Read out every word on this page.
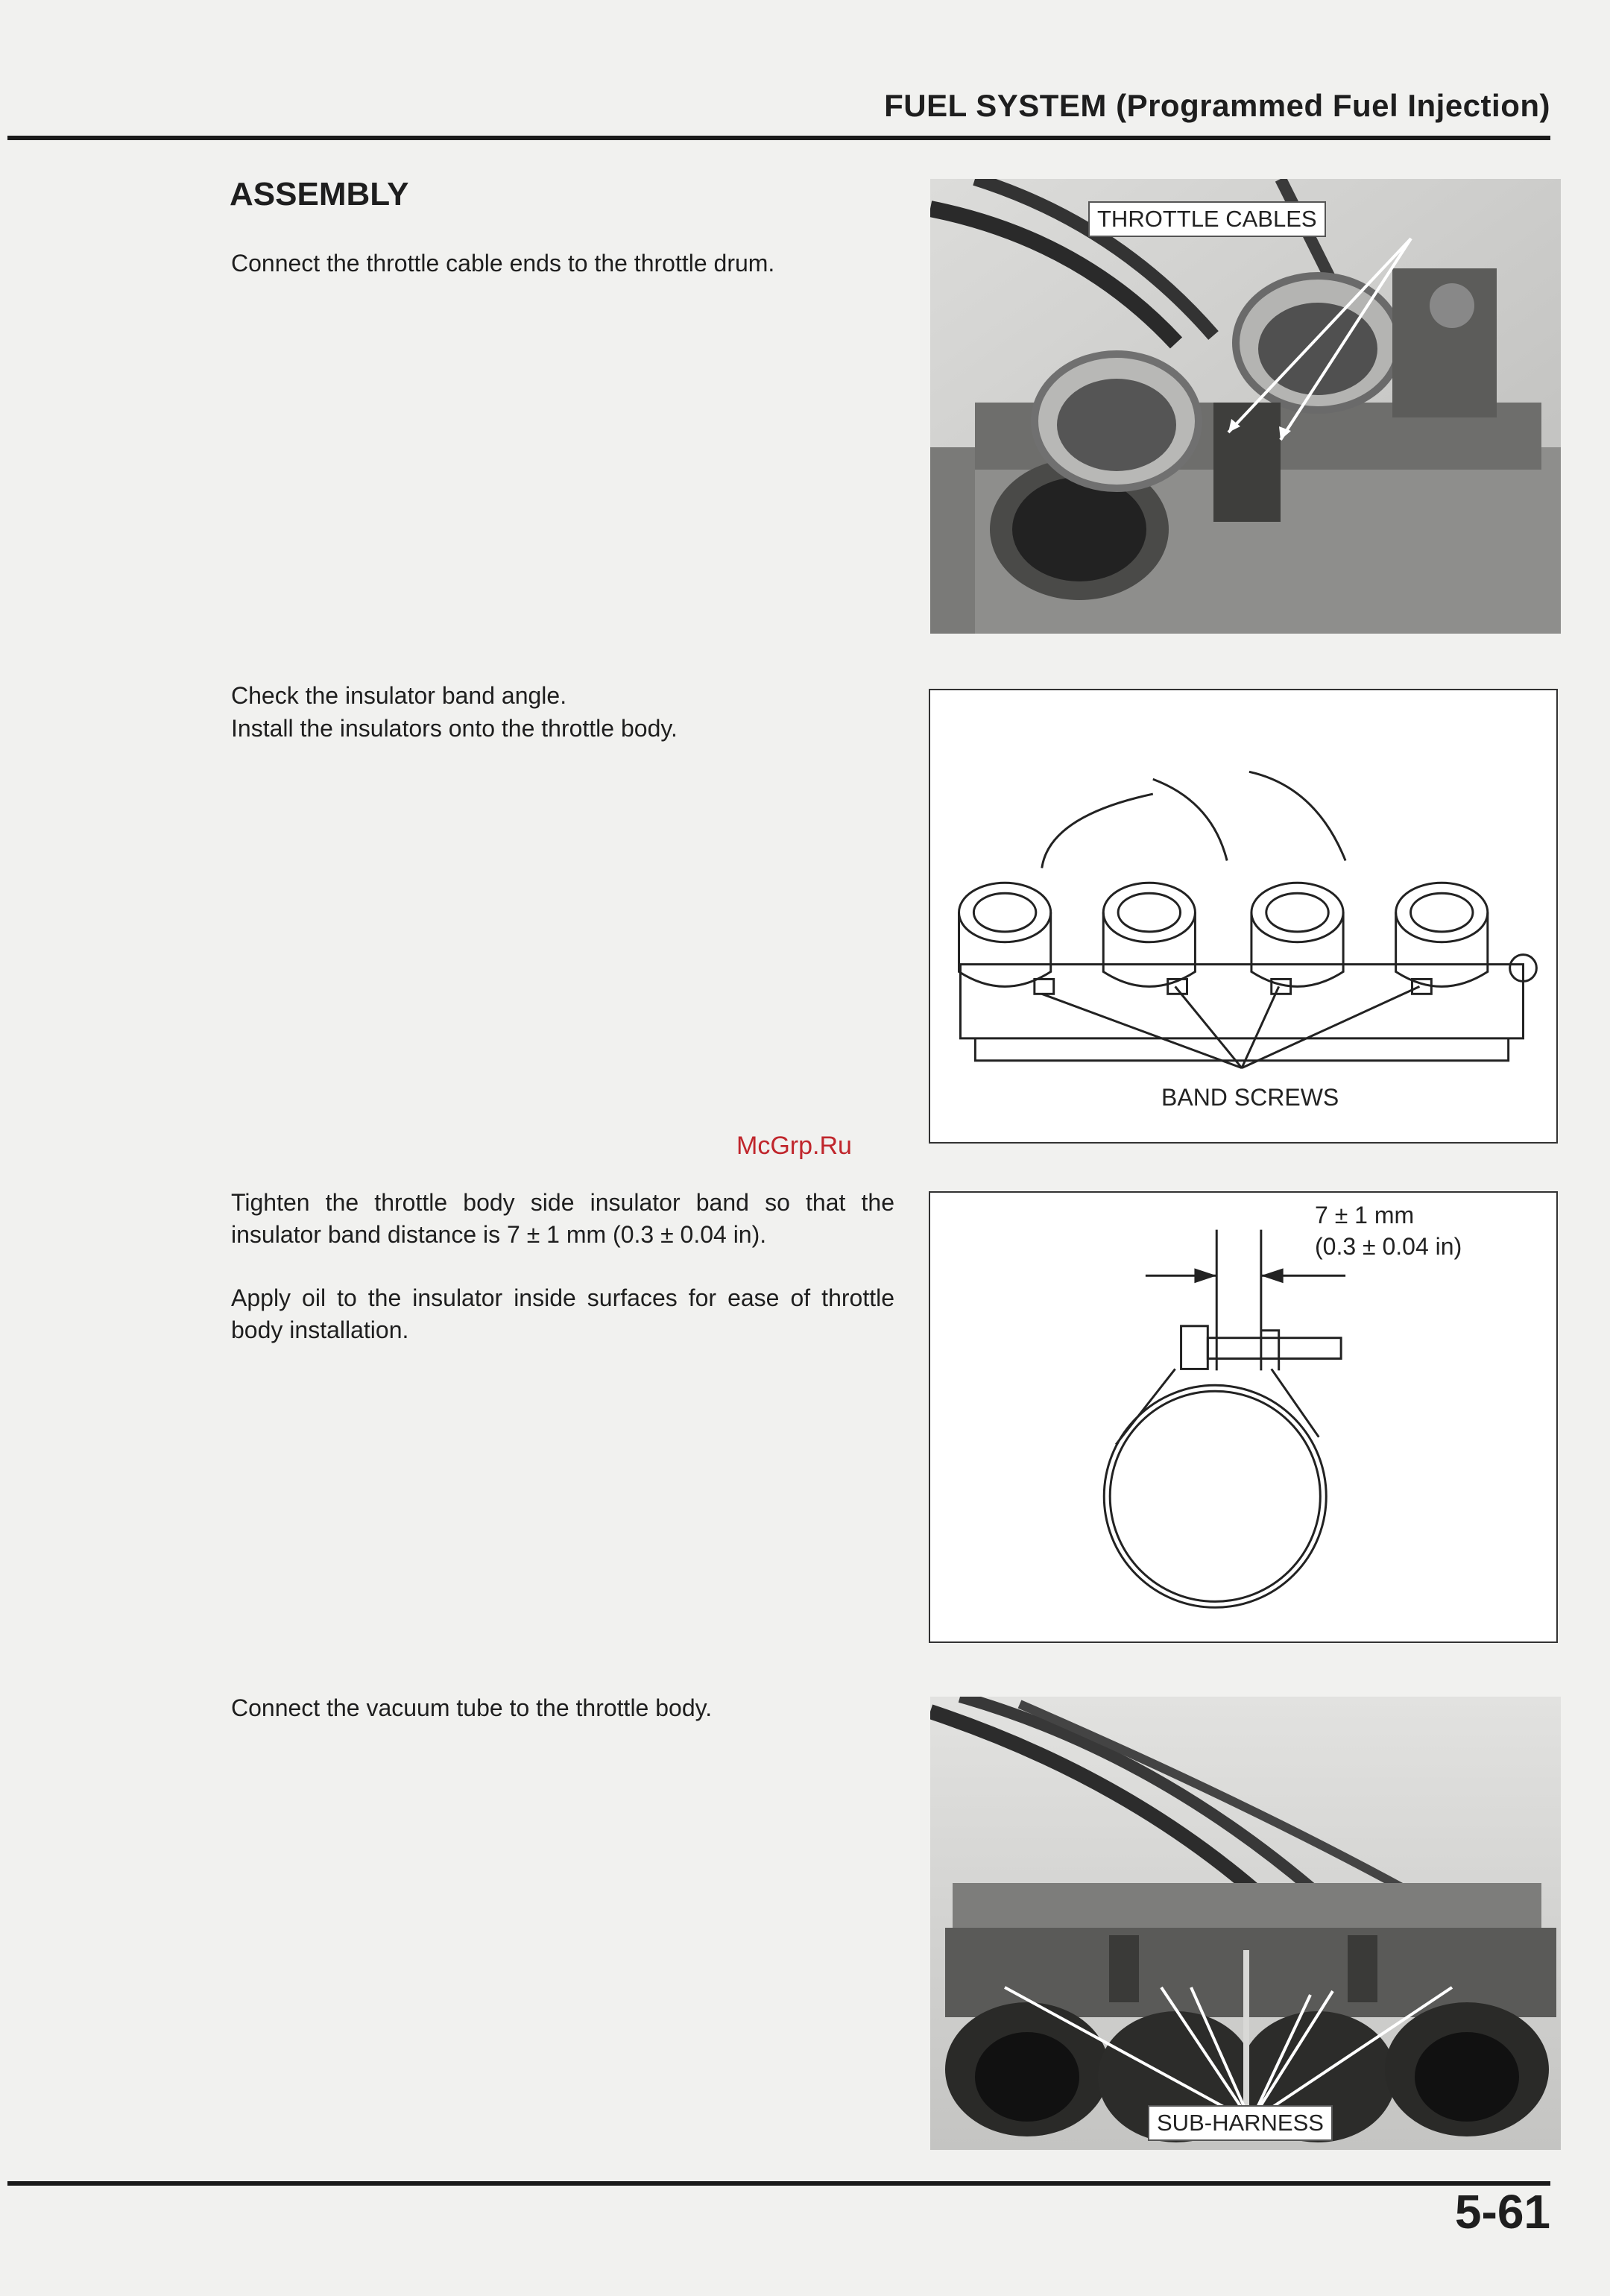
FUEL SYSTEM (Programmed Fuel Injection)
ASSEMBLY
Connect the throttle cable ends to the throttle drum.
THROTTLE CABLES
Check the insulator band angle.
Install the insulators onto the throttle body.
BAND SCREWS
McGrp.Ru
Tighten the throttle body side insulator band so that the insulator band distance is 7 ± 1 mm (0.3 ± 0.04 in).
Apply oil to the insulator inside surfaces for ease of throttle body installation.
7 ± 1 mm
(0.3 ± 0.04 in)
Connect the vacuum tube to the throttle body.
SUB-HARNESS
5-61
